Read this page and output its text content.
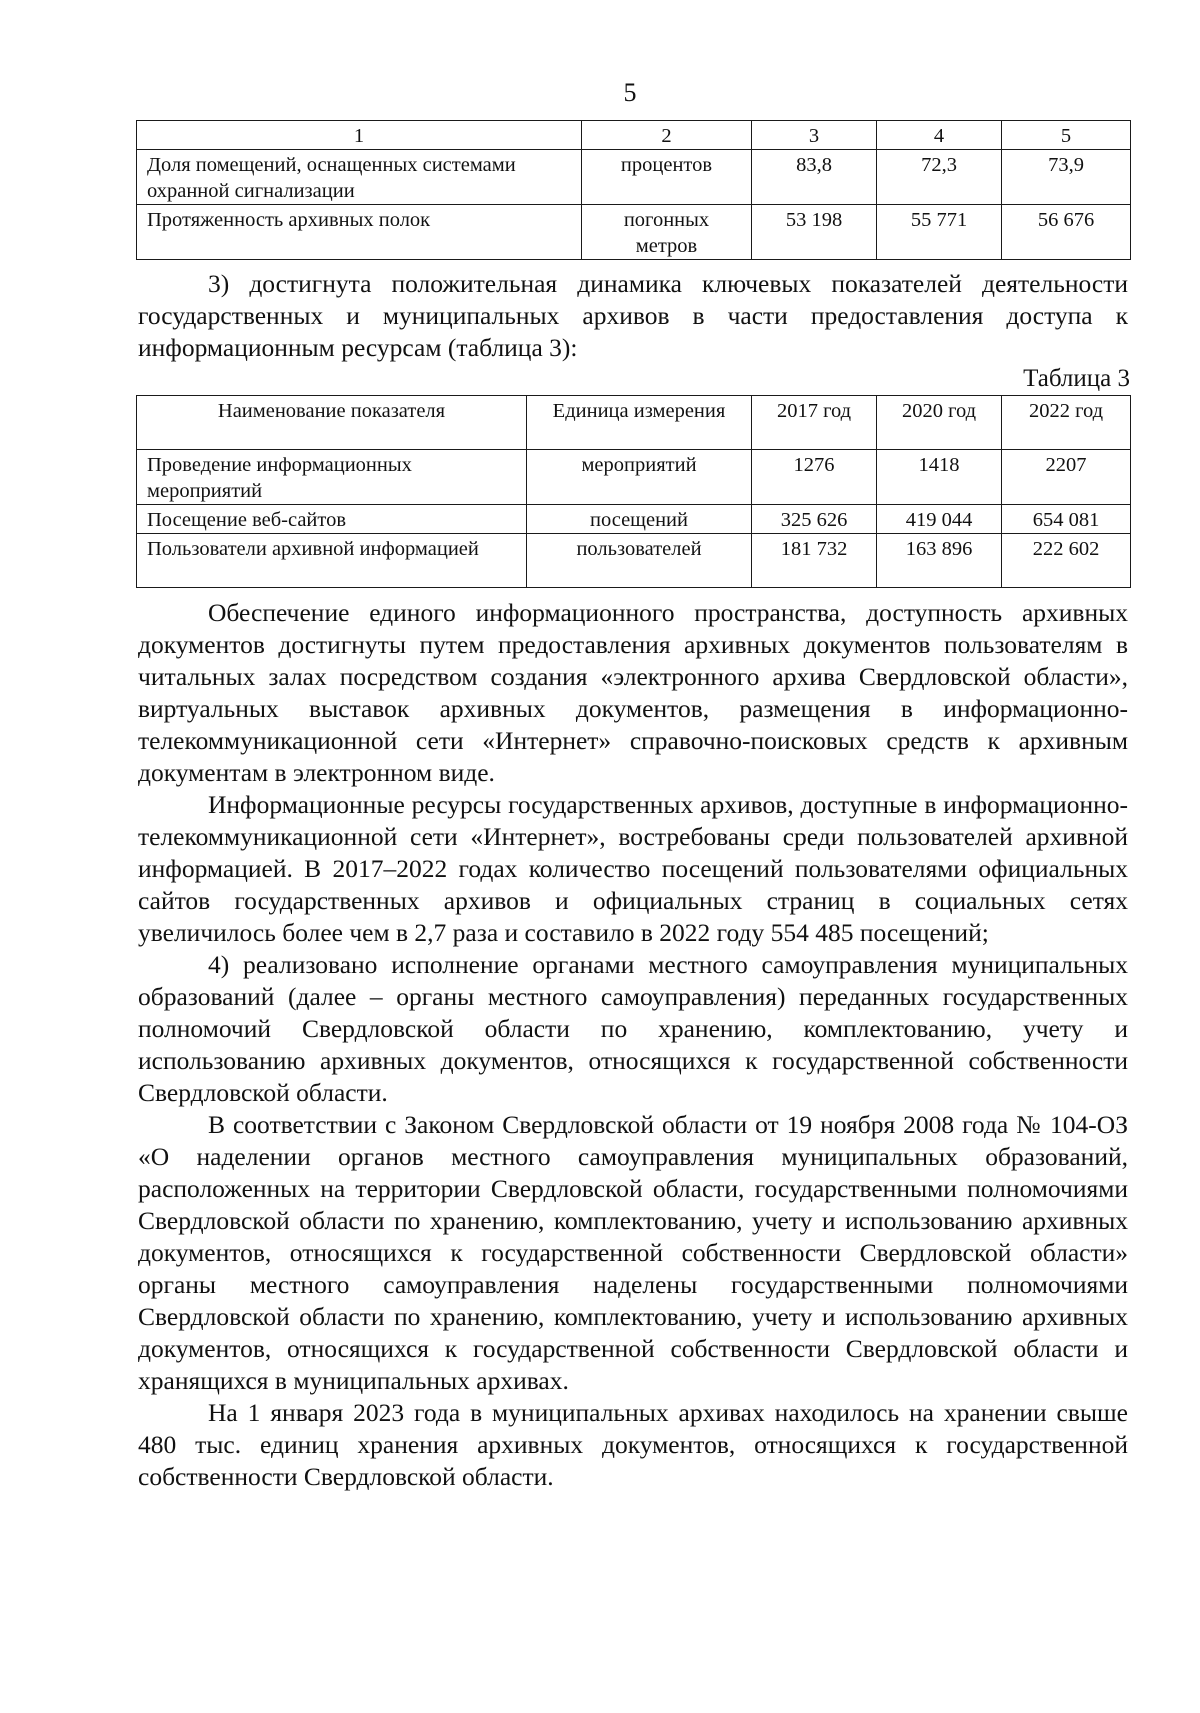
5
1	2	3	4	5
Доля помещений, оснащенных системами охранной сигнализации	процентов	83,8	72,3	73,9
Протяженность архивных полок	погонных метров	53 198	55 771	56 676

3) достигнута положительная динамика ключевых показателей деятельности государственных и муниципальных архивов в части предоставления доступа к информационным ресурсам (таблица 3):

Таблица 3
Наименование показателя	Единица измерения	2017 год	2020 год	2022 год
Проведение информационных мероприятий	мероприятий	1276	1418	2207
Посещение веб-сайтов	посещений	325 626	419 044	654 081
Пользователи архивной информацией	пользователей	181 732	163 896	222 602

Обеспечение единого информационного пространства, доступность архивных документов достигнуты путем предоставления архивных документов пользователям в читальных залах посредством создания «электронного архива Свердловской области», виртуальных выставок архивных документов, размещения в информационно-телекоммуникационной сети «Интернет» справочно-поисковых средств к архивным документам в электронном виде.

Информационные ресурсы государственных архивов, доступные в информационно-телекоммуникационной сети «Интернет», востребованы среди пользователей архивной информацией. В 2017–2022 годах количество посещений пользователями официальных сайтов государственных архивов и официальных страниц в социальных сетях увеличилось более чем в 2,7 раза и составило в 2022 году 554 485 посещений;

4) реализовано исполнение органами местного самоуправления муниципальных образований (далее – органы местного самоуправления) переданных государственных полномочий Свердловской области по хранению, комплектованию, учету и использованию архивных документов, относящихся к государственной собственности Свердловской области.

В соответствии с Законом Свердловской области от 19 ноября 2008 года № 104-ОЗ «О наделении органов местного самоуправления муниципальных образований, расположенных на территории Свердловской области, государственными полномочиями Свердловской области по хранению, комплектованию, учету и использованию архивных документов, относящихся к государственной собственности Свердловской области» органы местного самоуправления наделены государственными полномочиями Свердловской области по хранению, комплектованию, учету и использованию архивных документов, относящихся к государственной собственности Свердловской области и хранящихся в муниципальных архивах.

На 1 января 2023 года в муниципальных архивах находилось на хранении свыше 480 тыс. единиц хранения архивных документов, относящихся к государственной собственности Свердловской области.
